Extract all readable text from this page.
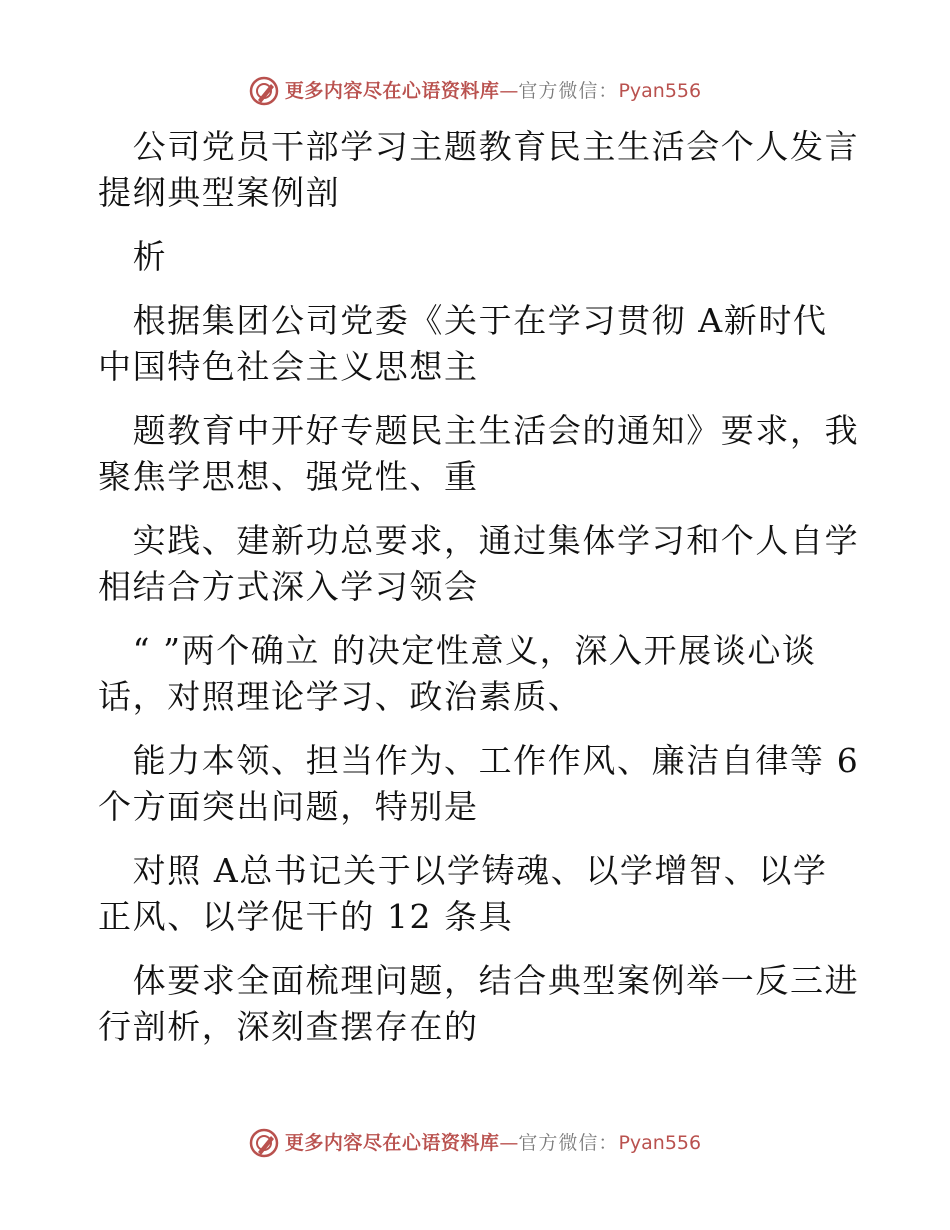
更多内容尽在心语资料库 — 官方微信： Pyan556
　公司党员干部学习主题教育民主生活会个人发言
提纲典型案例剖
　析
　根据集团公司党委《关于在学习贯彻 A新时代
中国特色社会主义思想主
　题教育中开好专题民主生活会的通知》要求，我
聚焦学思想、强党性、重
　实践、建新功总要求，通过集体学习和个人自学
相结合方式深入学习领会
　“ ”两个确立 的决定性意义，深入开展谈心谈
话，对照理论学习、政治素质、
　能力本领、担当作为、工作作风、廉洁自律等 6
个方面突出问题，特别是
　对照 A总书记关于以学铸魂、以学增智、以学
正风、以学促干的 12 条具
　体要求全面梳理问题，结合典型案例举一反三进
行剖析，深刻查摆存在的
更多内容尽在心语资料库 — 官方微信： Pyan556
